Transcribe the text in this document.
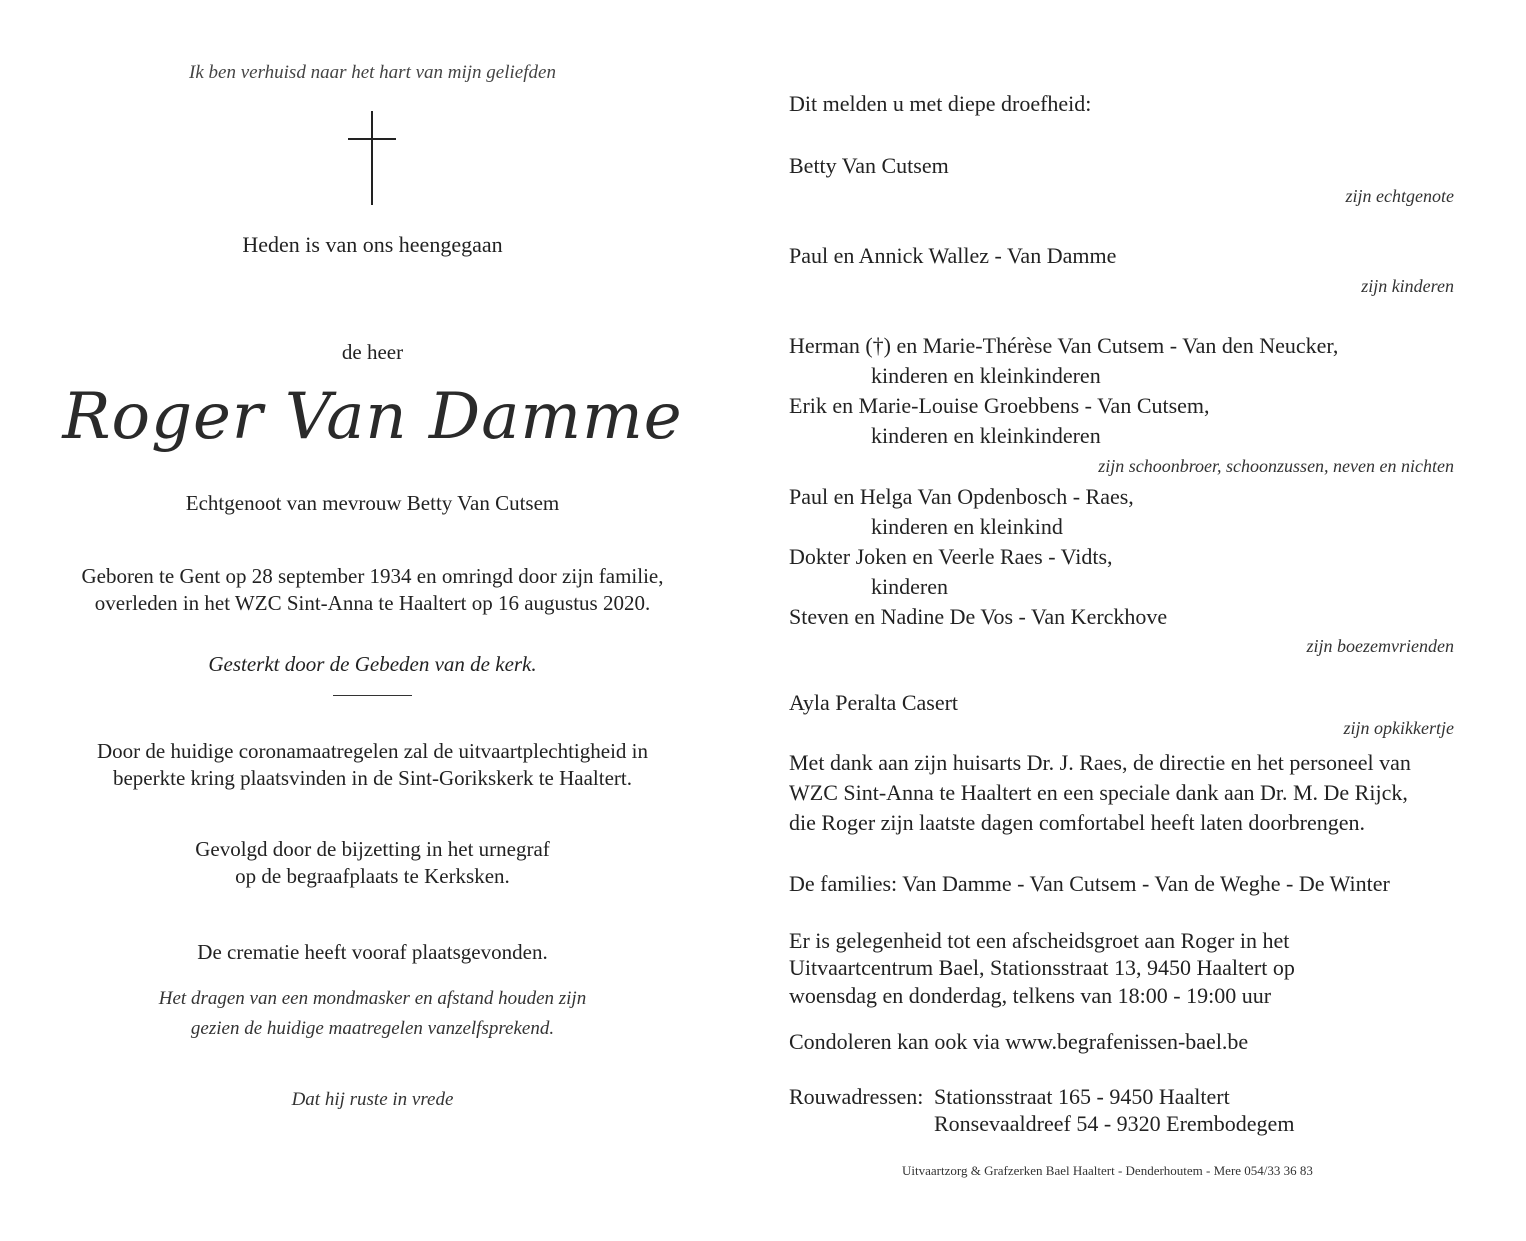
Ik ben verhuisd naar het hart van mijn geliefden
Heden is van ons heengegaan
de heer
Roger Van Damme
Echtgenoot van mevrouw Betty Van Cutsem
Geboren te Gent op 28 september 1934 en omringd door zijn familie,
overleden in het WZC Sint-Anna te Haaltert op 16 augustus 2020.
Gesterkt door de Gebeden van de kerk.
Door de huidige coronamaatregelen zal de uitvaartplechtigheid in
beperkte kring plaatsvinden in de Sint-Gorikskerk te Haaltert.
Gevolgd door de bijzetting in het urnegraf
op de begraafplaats te Kerksken.
De crematie heeft vooraf plaatsgevonden.
Het dragen van een mondmasker en afstand houden zijn
gezien de huidige maatregelen vanzelfsprekend.
Dat hij ruste in vrede
Dit melden u met diepe droefheid:
Betty Van Cutsem
zijn echtgenote
Paul en Annick Wallez - Van Damme
zijn kinderen
Herman (†) en Marie-Thérèse Van Cutsem - Van den Neucker,
kinderen en kleinkinderen
Erik en Marie-Louise Groebbens - Van Cutsem,
kinderen en kleinkinderen
zijn schoonbroer, schoonzussen, neven en nichten
Paul en Helga Van Opdenbosch - Raes,
kinderen en kleinkind
Dokter Joken en Veerle Raes - Vidts,
kinderen
Steven en Nadine De Vos - Van Kerckhove
zijn boezemvrienden
Ayla Peralta Casert
zijn opkikkertje
Met dank aan zijn huisarts Dr. J. Raes, de directie en het personeel van
WZC Sint-Anna te Haaltert en een speciale dank aan Dr. M. De Rijck,
die Roger zijn laatste dagen comfortabel heeft laten doorbrengen.
De families: Van Damme - Van Cutsem - Van de Weghe - De Winter
Er is gelegenheid tot een afscheidsgroet aan Roger in het
Uitvaartcentrum Bael, Stationsstraat 13, 9450 Haaltert op
woensdag en donderdag, telkens van 18:00 - 19:00 uur
Condoleren kan ook via www.begrafenissen-bael.be
Rouwadressen: Stationsstraat 165 - 9450 Haaltert
Ronsevaaldreef 54 - 9320 Erembodegem
Uitvaartzorg & Grafzerken Bael Haaltert - Denderhoutem - Mere 054/33 36 83
